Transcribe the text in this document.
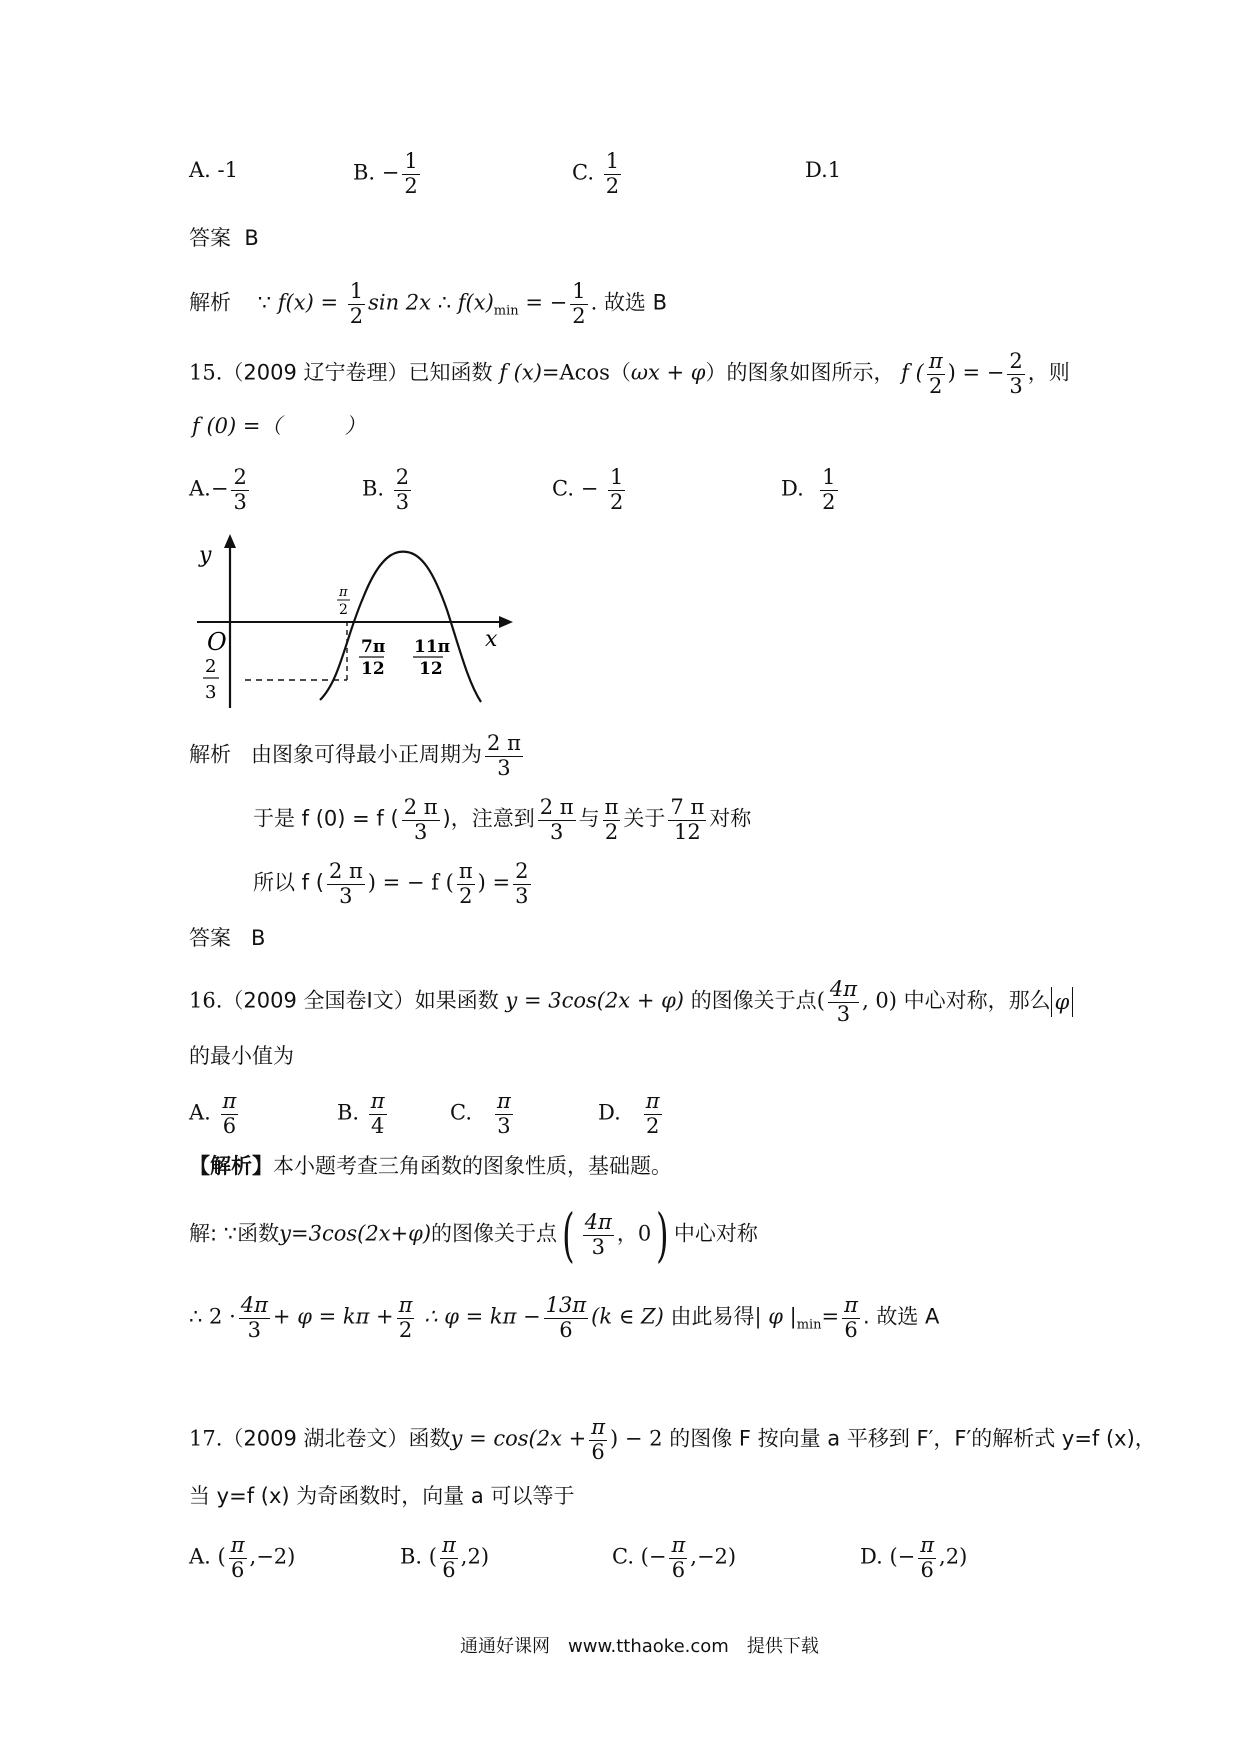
A. -1	B. − $\frac{1}{2}$	C. $\frac{1}{2}$	D.1
答案 B
解析 ∵ $f(x) = \frac{1}{2}$ sin 2x ∴ $f(x)_{min}$ = − $\frac{1}{2}$ . 故选 B
15.（2009 辽宁卷理）已知函数 f (x)=Acos（ωx + φ）的图象如图所示， f ( $\frac{\pi}{2}$ ) = − $\frac{2}{3}$ ，则
f (0) =（　　　）
$A.- \frac{2}{3}$	B. $\frac{2}{3}$	C. − $\frac{1}{2}$	D. $\frac{1}{2}$
y
x
O
π
2
2
3
7π
12
11π
12
解析 由图象可得最小正周期为 $\frac{2 \pi}{3}$
于是 f (0) = f ( $\frac{2 \pi}{3}$ )，注意到 $\frac{2 \pi}{3}$ 与 $\frac{\pi}{2}$ 关于 $\frac{7 \pi}{12}$ 对称
所以 f ( $\frac{2 \pi}{3}$ ) = − f ( $\frac{\pi}{2}$ ) = $\frac{2}{3}$
答案 B
16.（2009 全国卷Ⅰ文）如果函数 y = 3cos(2x + φ) 的图像关于点( $\frac{4\pi}{3}$ , 0) 中心对称，那么 φ
的最小值为
A. $\frac{\pi}{6}$	B. $\frac{\pi}{4}$	C. $\frac{\pi}{3}$	D. $\frac{\pi}{2}$
【解析】本小题考查三角函数的图象性质，基础题。
解: ∵函数y=3cos(2x+φ)的图像关于点( $\frac{4\pi}{3}$ ，0) 中心对称
∴ $2 \cdot \frac{4\pi}{3} + \varphi = k\pi + \frac{\pi}{2}$ ∴ $\varphi = k\pi - \frac{13\pi}{6} (k$ ∈ Z) 由此易得| φ $|_{min}= \frac{\pi}{6}$ . 故选 A
17.（2009 湖北卷文）函数$y = \cos(2x + \frac{\pi}{6}$ ) − 2 的图像 F 按向量 a 平移到 F′，F′的解析式 y=f (x)，
当 y=f (x) 为奇函数时，向量 a 可以等于
A. ( $\frac{\pi}{6} ,-2$)	B. ( $\frac{\pi}{6} ,2$)	C. (− $\frac{\pi}{6} ,-2$)	D. (− $\frac{\pi}{6} ,2$)
通通好课网　www.tthaoke.com　提供下载
